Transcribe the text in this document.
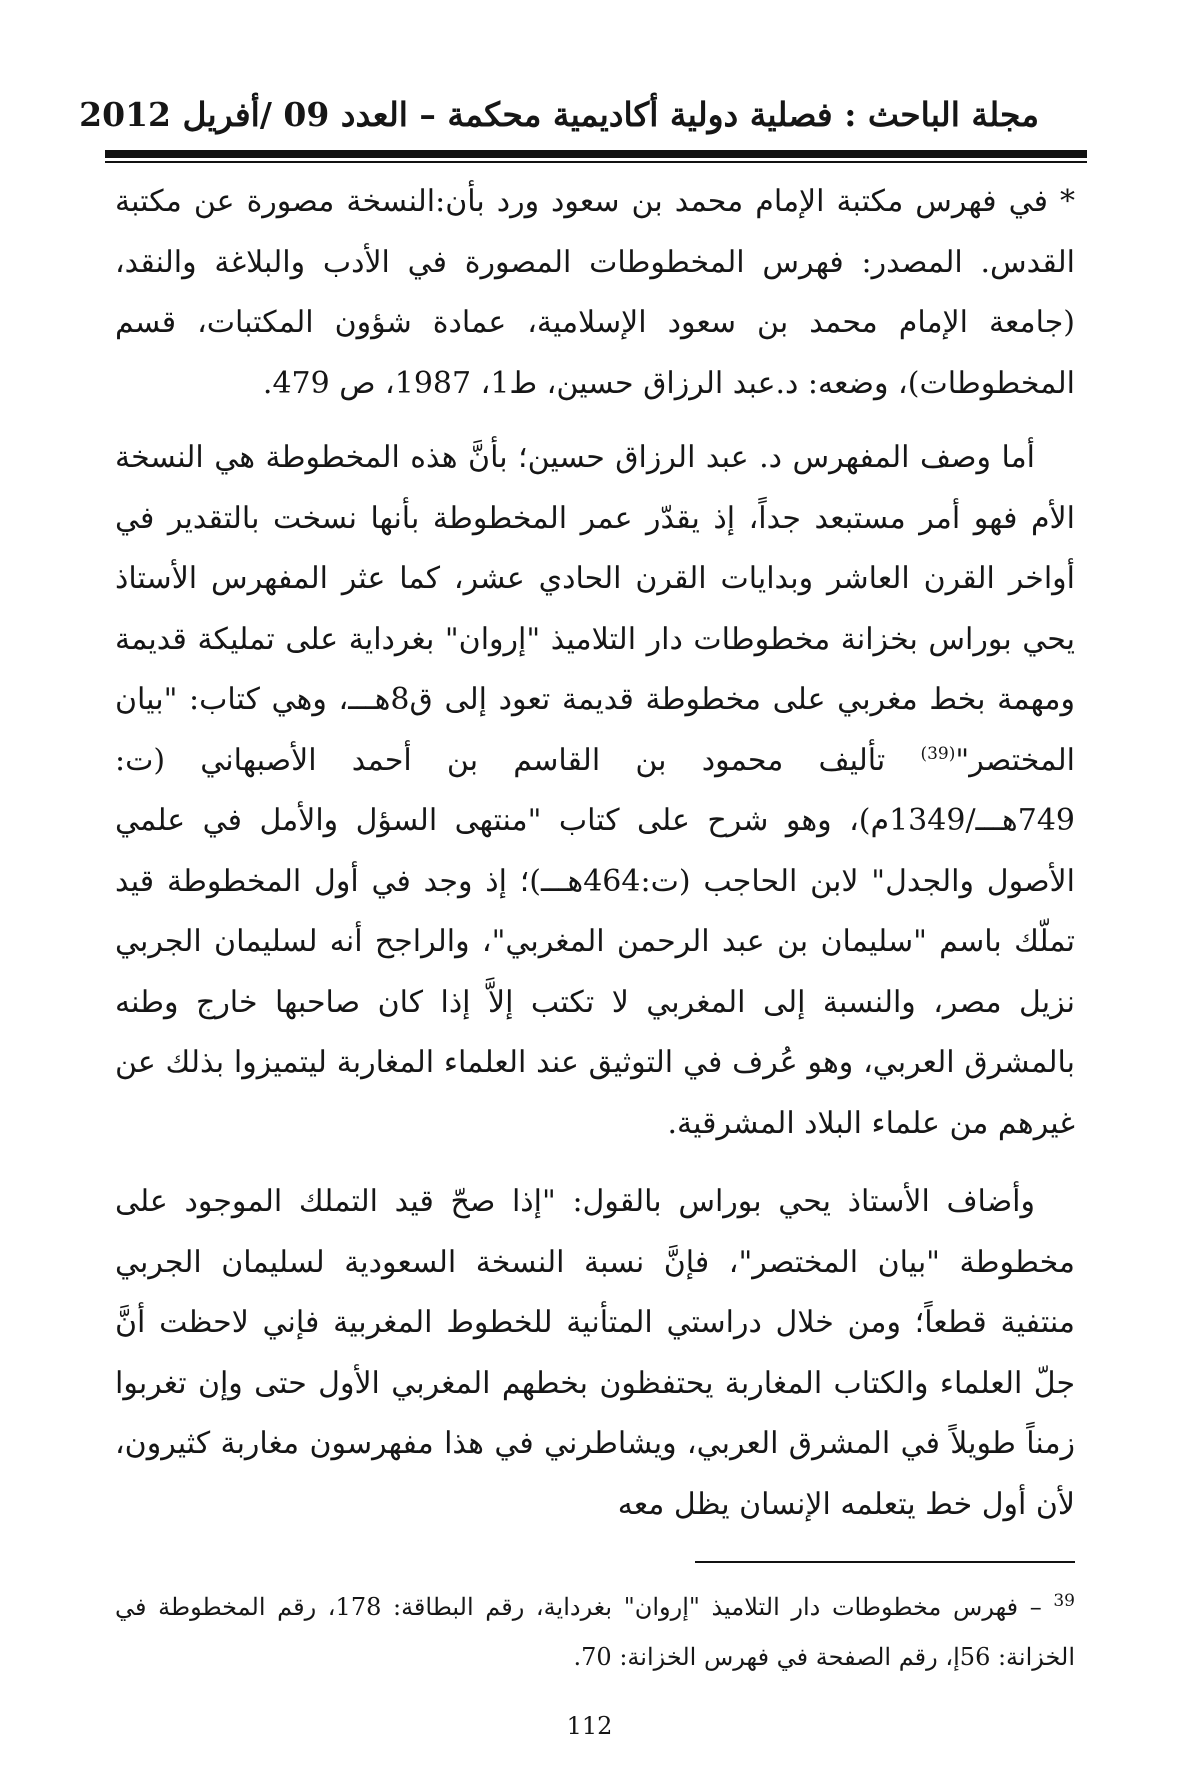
مجلة الباحث : فصلية دولية أكاديمية محكمة – العدد 09 /أفريل 2012

* في فهرس مكتبة الإمام محمد بن سعود ورد بأن:النسخة مصورة عن مكتبة القدس. المصدر: فهرس المخطوطات المصورة في الأدب والبلاغة والنقد، (جامعة الإمام محمد بن سعود الإسلامية، عمادة شؤون المكتبات، قسم المخطوطات)، وضعه: د.عبد الرزاق حسين، ط1، 1987، ص 479.

أما وصف المفهرس د. عبد الرزاق حسين؛ بأنَّ هذه المخطوطة هي النسخة الأم فهو أمر مستبعد جداً، إذ يقدّر عمر المخطوطة بأنها نسخت بالتقدير في أواخر القرن العاشر وبدايات القرن الحادي عشر، كما عثر المفهرس الأستاذ يحي بوراس بخزانة مخطوطات دار التلاميذ "إروان" بغرداية على تمليكة قديمة ومهمة بخط مغربي على مخطوطة قديمة تعود إلى ق8هـــ، وهي كتاب: "بيان المختصر"$^{(39)}$ تأليف محمود بن القاسم بن أحمد الأصبهاني (ت: 749هـــ/1349م)، وهو شرح على كتاب "منتهى السؤل والأمل في علمي الأصول والجدل" لابن الحاجب (ت:464هـــ)؛ إذ وجد في أول المخطوطة قيد تملّك باسم "سليمان بن عبد الرحمن المغربي"، والراجح أنه لسليمان الجربي نزيل مصر، والنسبة إلى المغربي لا تكتب إلاَّ إذا كان صاحبها خارج وطنه بالمشرق العربي، وهو عُرف في التوثيق عند العلماء المغاربة ليتميزوا بذلك عن غيرهم من علماء البلاد المشرقية.

وأضاف الأستاذ يحي بوراس بالقول: "إذا صحّ قيد التملك الموجود على مخطوطة "بيان المختصر"، فإنَّ نسبة النسخة السعودية لسليمان الجربي منتفية قطعاً؛ ومن خلال دراستي المتأنية للخطوط المغربية فإني لاحظت أنَّ جلّ العلماء والكتاب المغاربة يحتفظون بخطهم المغربي الأول حتى وإن تغربوا زمناً طويلاً في المشرق العربي، ويشاطرني في هذا مفهرسون مغاربة كثيرون، لأن أول خط يتعلمه الإنسان يظل معه

$^{39}$ – فهرس مخطوطات دار التلاميذ "إروان" بغرداية، رقم البطاقة: 178، رقم المخطوطة في الخزانة: 56إ، رقم الصفحة في فهرس الخزانة: 70.

112
